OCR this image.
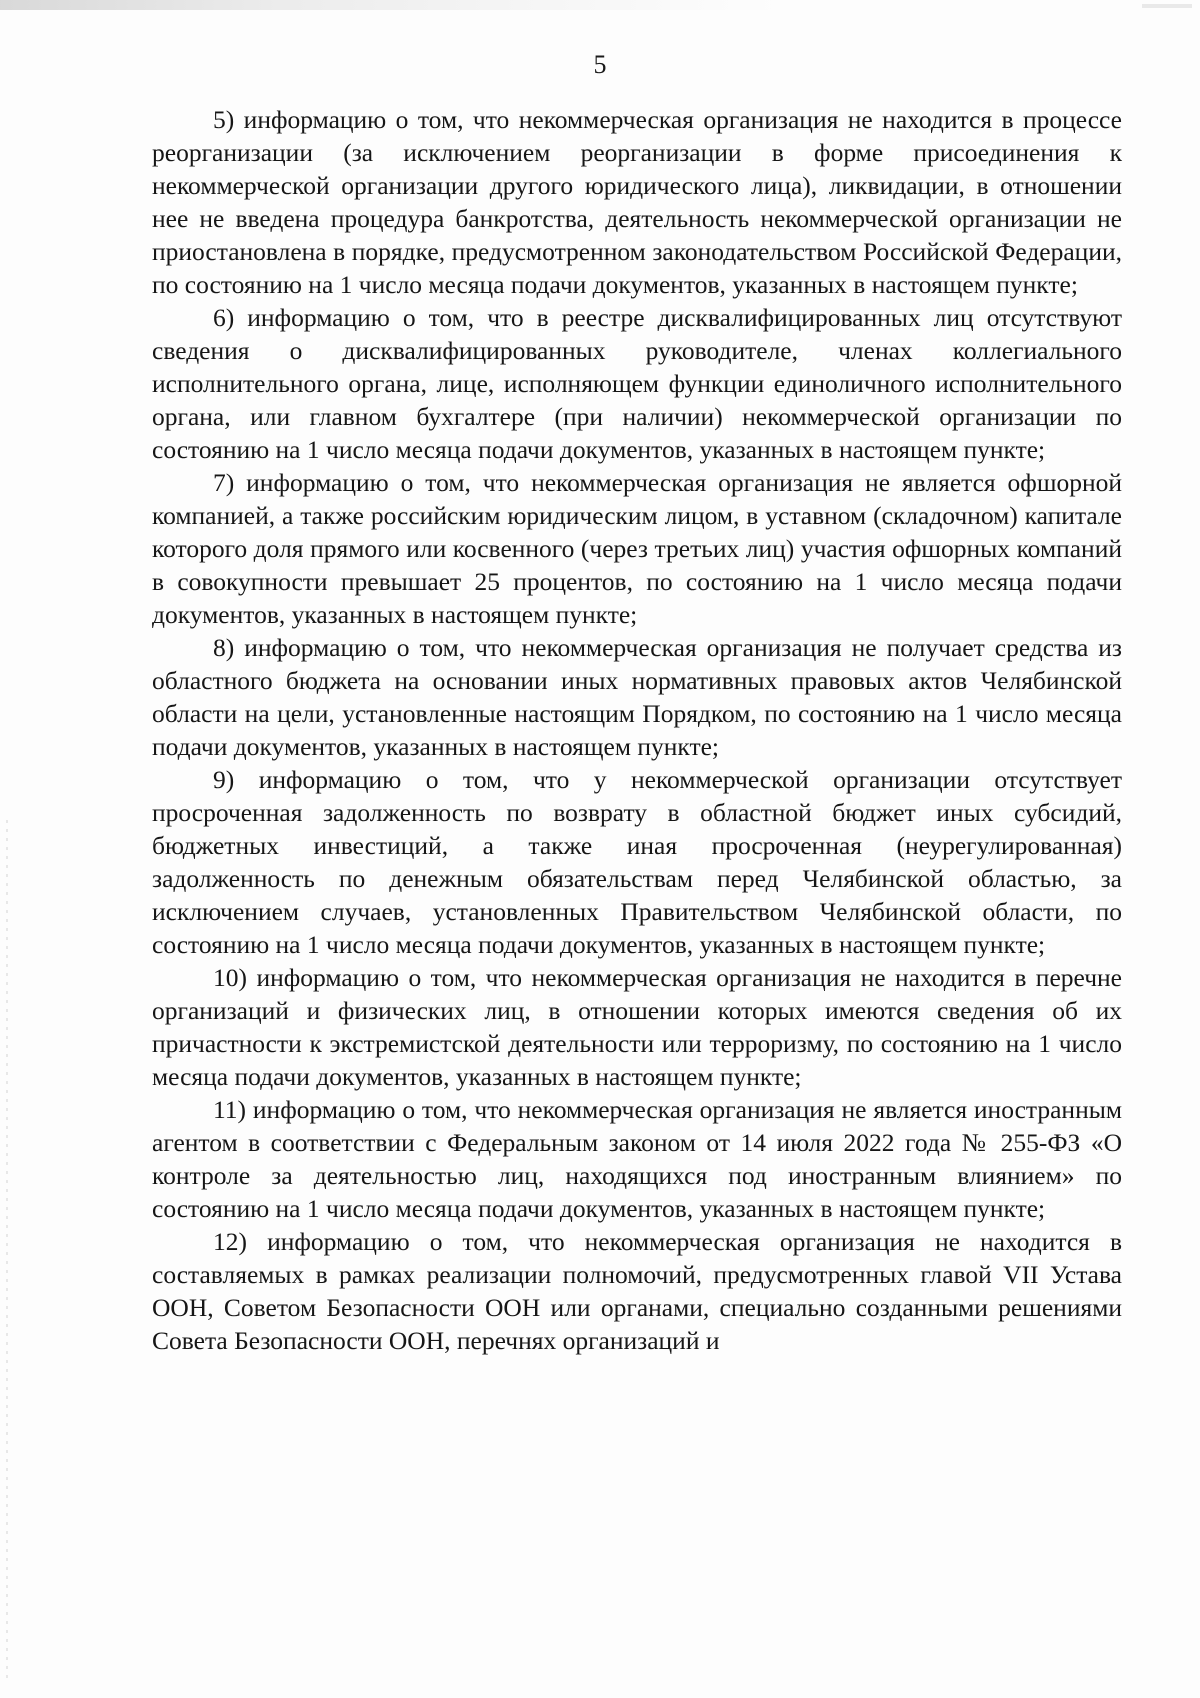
5

5) информацию о том, что некоммерческая организация не находится в процессе реорганизации (за исключением реорганизации в форме присоединения к некоммерческой организации другого юридического лица), ликвидации, в отношении нее не введена процедура банкротства, деятельность некоммерческой организации не приостановлена в порядке, предусмотренном законодательством Российской Федерации, по состоянию на 1 число месяца подачи документов, указанных в настоящем пункте;

6) информацию о том, что в реестре дисквалифицированных лиц отсутствуют сведения о дисквалифицированных руководителе, членах коллегиального исполнительного органа, лице, исполняющем функции единоличного исполнительного органа, или главном бухгалтере (при наличии) некоммерческой организации по состоянию на 1 число месяца подачи документов, указанных в настоящем пункте;

7) информацию о том, что некоммерческая организация не является офшорной компанией, а также российским юридическим лицом, в уставном (складочном) капитале которого доля прямого или косвенного (через третьих лиц) участия офшорных компаний в совокупности превышает 25 процентов, по состоянию на 1 число месяца подачи документов, указанных в настоящем пункте;

8) информацию о том, что некоммерческая организация не получает средства из областного бюджета на основании иных нормативных правовых актов Челябинской области на цели, установленные настоящим Порядком, по состоянию на 1 число месяца подачи документов, указанных в настоящем пункте;

9) информацию о том, что у некоммерческой организации отсутствует просроченная задолженность по возврату в областной бюджет иных субсидий, бюджетных инвестиций, а также иная просроченная (неурегулированная) задолженность по денежным обязательствам перед Челябинской областью, за исключением случаев, установленных Правительством Челябинской области, по состоянию на 1 число месяца подачи документов, указанных в настоящем пункте;

10) информацию о том, что некоммерческая организация не находится в перечне организаций и физических лиц, в отношении которых имеются сведения об их причастности к экстремистской деятельности или терроризму, по состоянию на 1 число месяца подачи документов, указанных в настоящем пункте;

11) информацию о том, что некоммерческая организация не является иностранным агентом в соответствии с Федеральным законом от 14 июля 2022 года № 255-ФЗ «О контроле за деятельностью лиц, находящихся под иностранным влиянием» по состоянию на 1 число месяца подачи документов, указанных в настоящем пункте;

12) информацию о том, что некоммерческая организация не находится в составляемых в рамках реализации полномочий, предусмотренных главой VII Устава ООН, Советом Безопасности ООН или органами, специально созданными решениями Совета Безопасности ООН, перечнях организаций и
